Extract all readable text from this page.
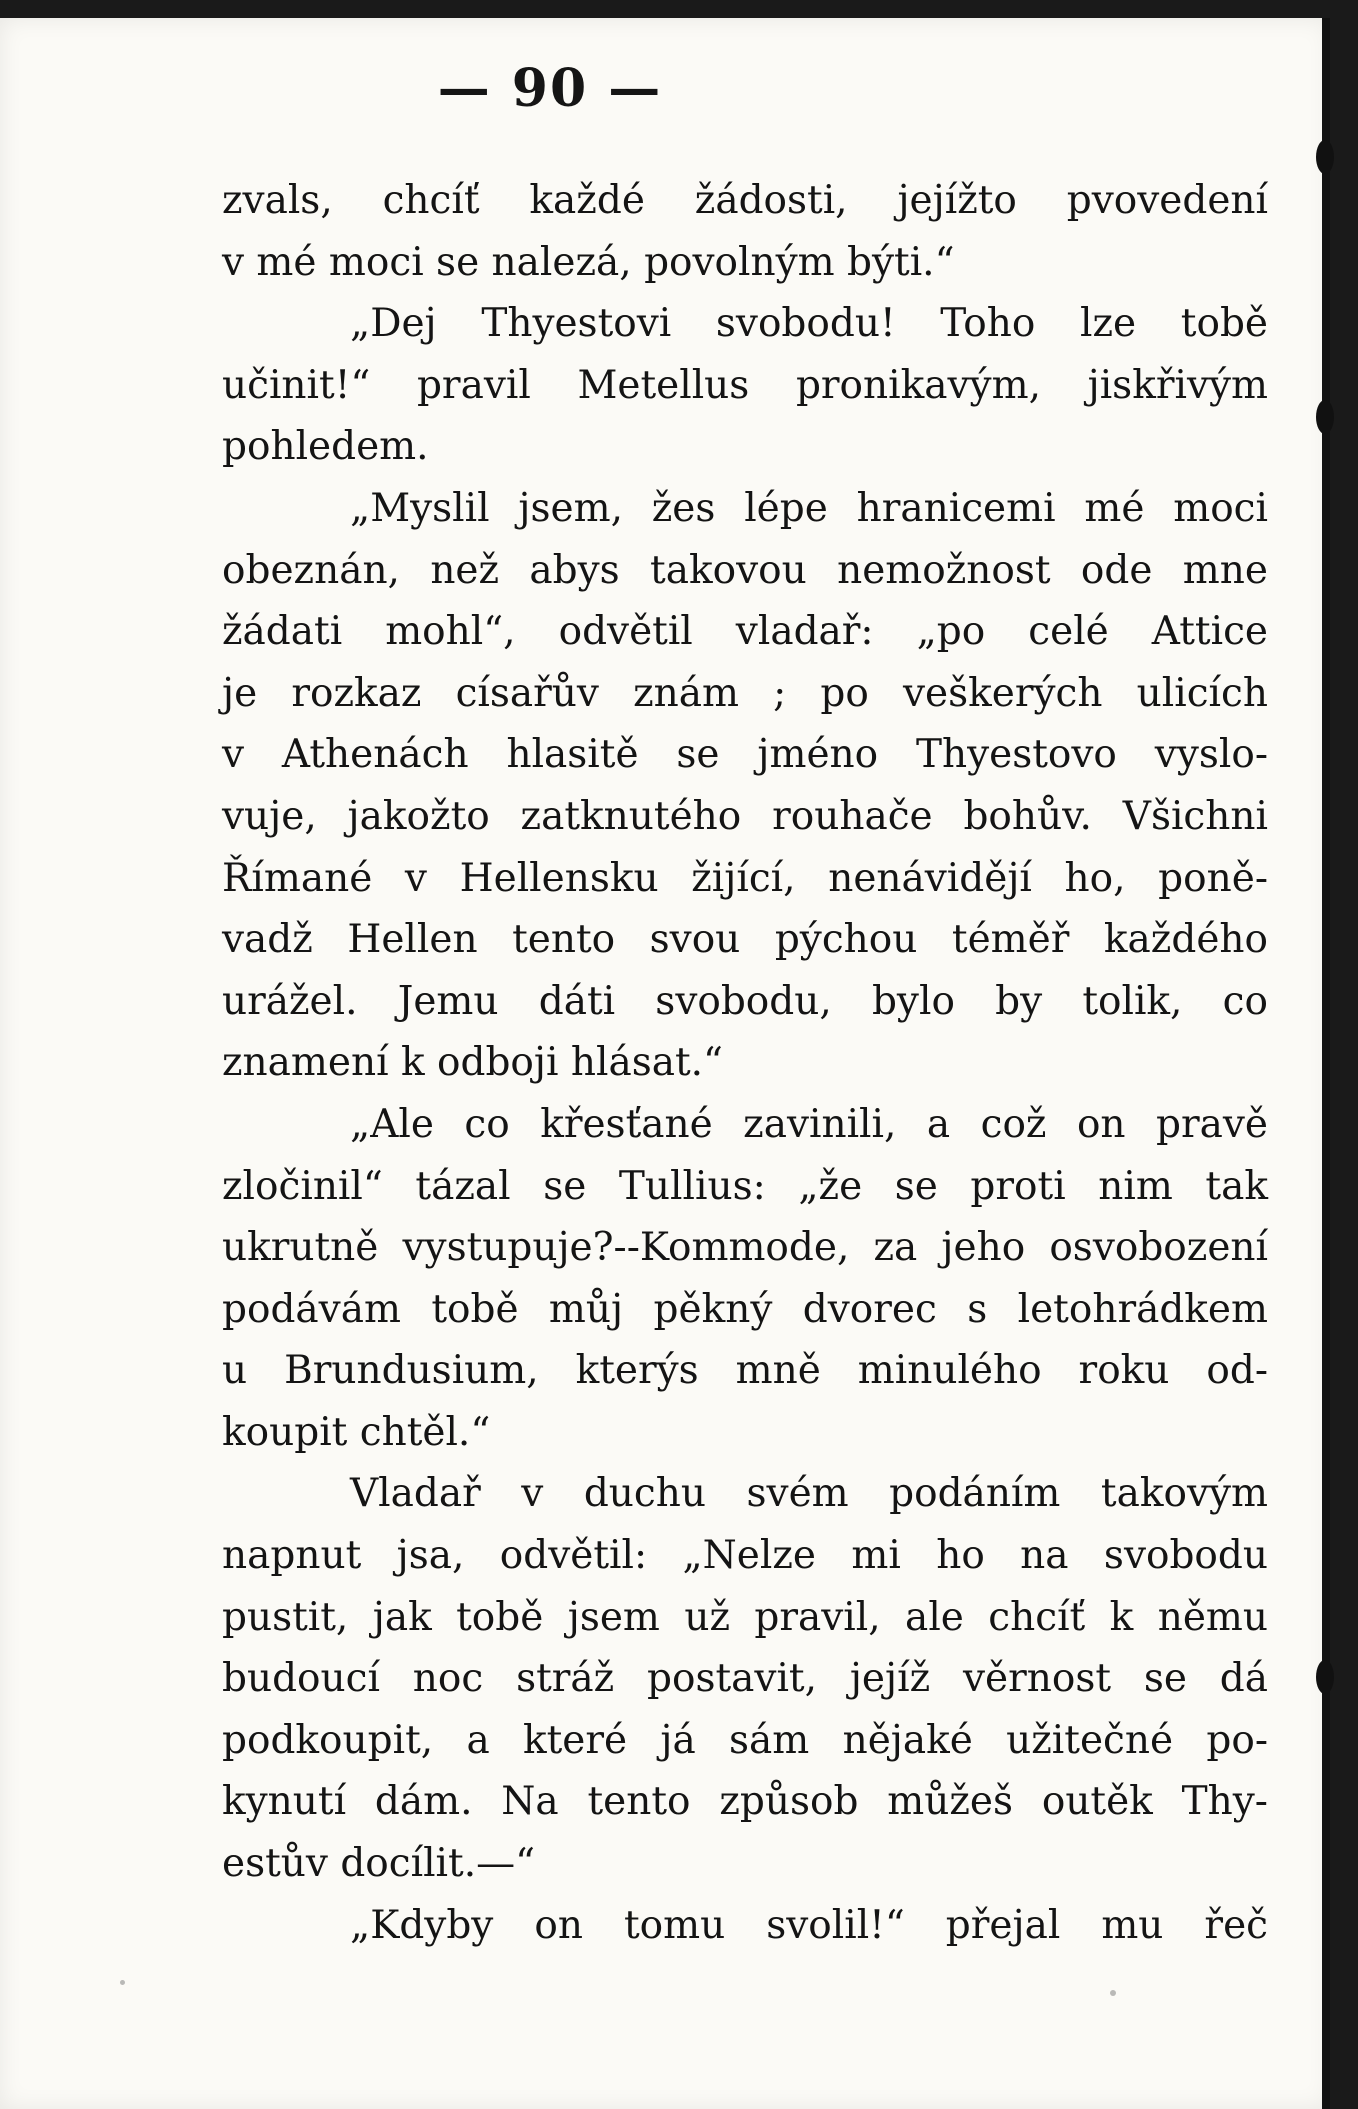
— 90 —
zvals, chcíť každé žádosti, jejížto pvovedení
v mé moci se nalezá, povolným býti.“
„Dej Thyestovi svobodu! Toho lze tobě
učinit!“ pravil Metellus pronikavým, jiskřivým
pohledem.
„Myslil jsem, žes lépe hranicemi mé moci
obeznán, než abys takovou nemožnost ode mne
žádati mohl“, odvětil vladař: „po celé Attice
je rozkaz císařův znám ; po veškerých ulicích
v Athenách hlasitě se jméno Thyestovo vyslo-
vuje, jakožto zatknutého rouhače bohův. Všichni
Římané v Hellensku žijící, nenávidějí ho, poně-
vadž Hellen tento svou pýchou téměř každého
urážel. Jemu dáti svobodu, bylo by tolik, co
znamení k odboji hlásat.“
„Ale co křesťané zavinili, a což on pravě
zločinil“ tázal se Tullius: „že se proti nim tak
ukrutně vystupuje?--Kommode, za jeho osvobození
podávám tobě můj pěkný dvorec s letohrádkem
u Brundusium, kterýs mně minulého roku od-
koupit chtěl.“
Vladař v duchu svém podáním takovým
napnut jsa, odvětil: „Nelze mi ho na svobodu
pustit, jak tobě jsem už pravil, ale chcíť k němu
budoucí noc stráž postavit, jejíž věrnost se dá
podkoupit, a které já sám nějaké užitečné po-
kynutí dám. Na tento způsob můžeš outěk Thy-
estův docílit.—“
„Kdyby on tomu svolil!“ přejal mu řeč
